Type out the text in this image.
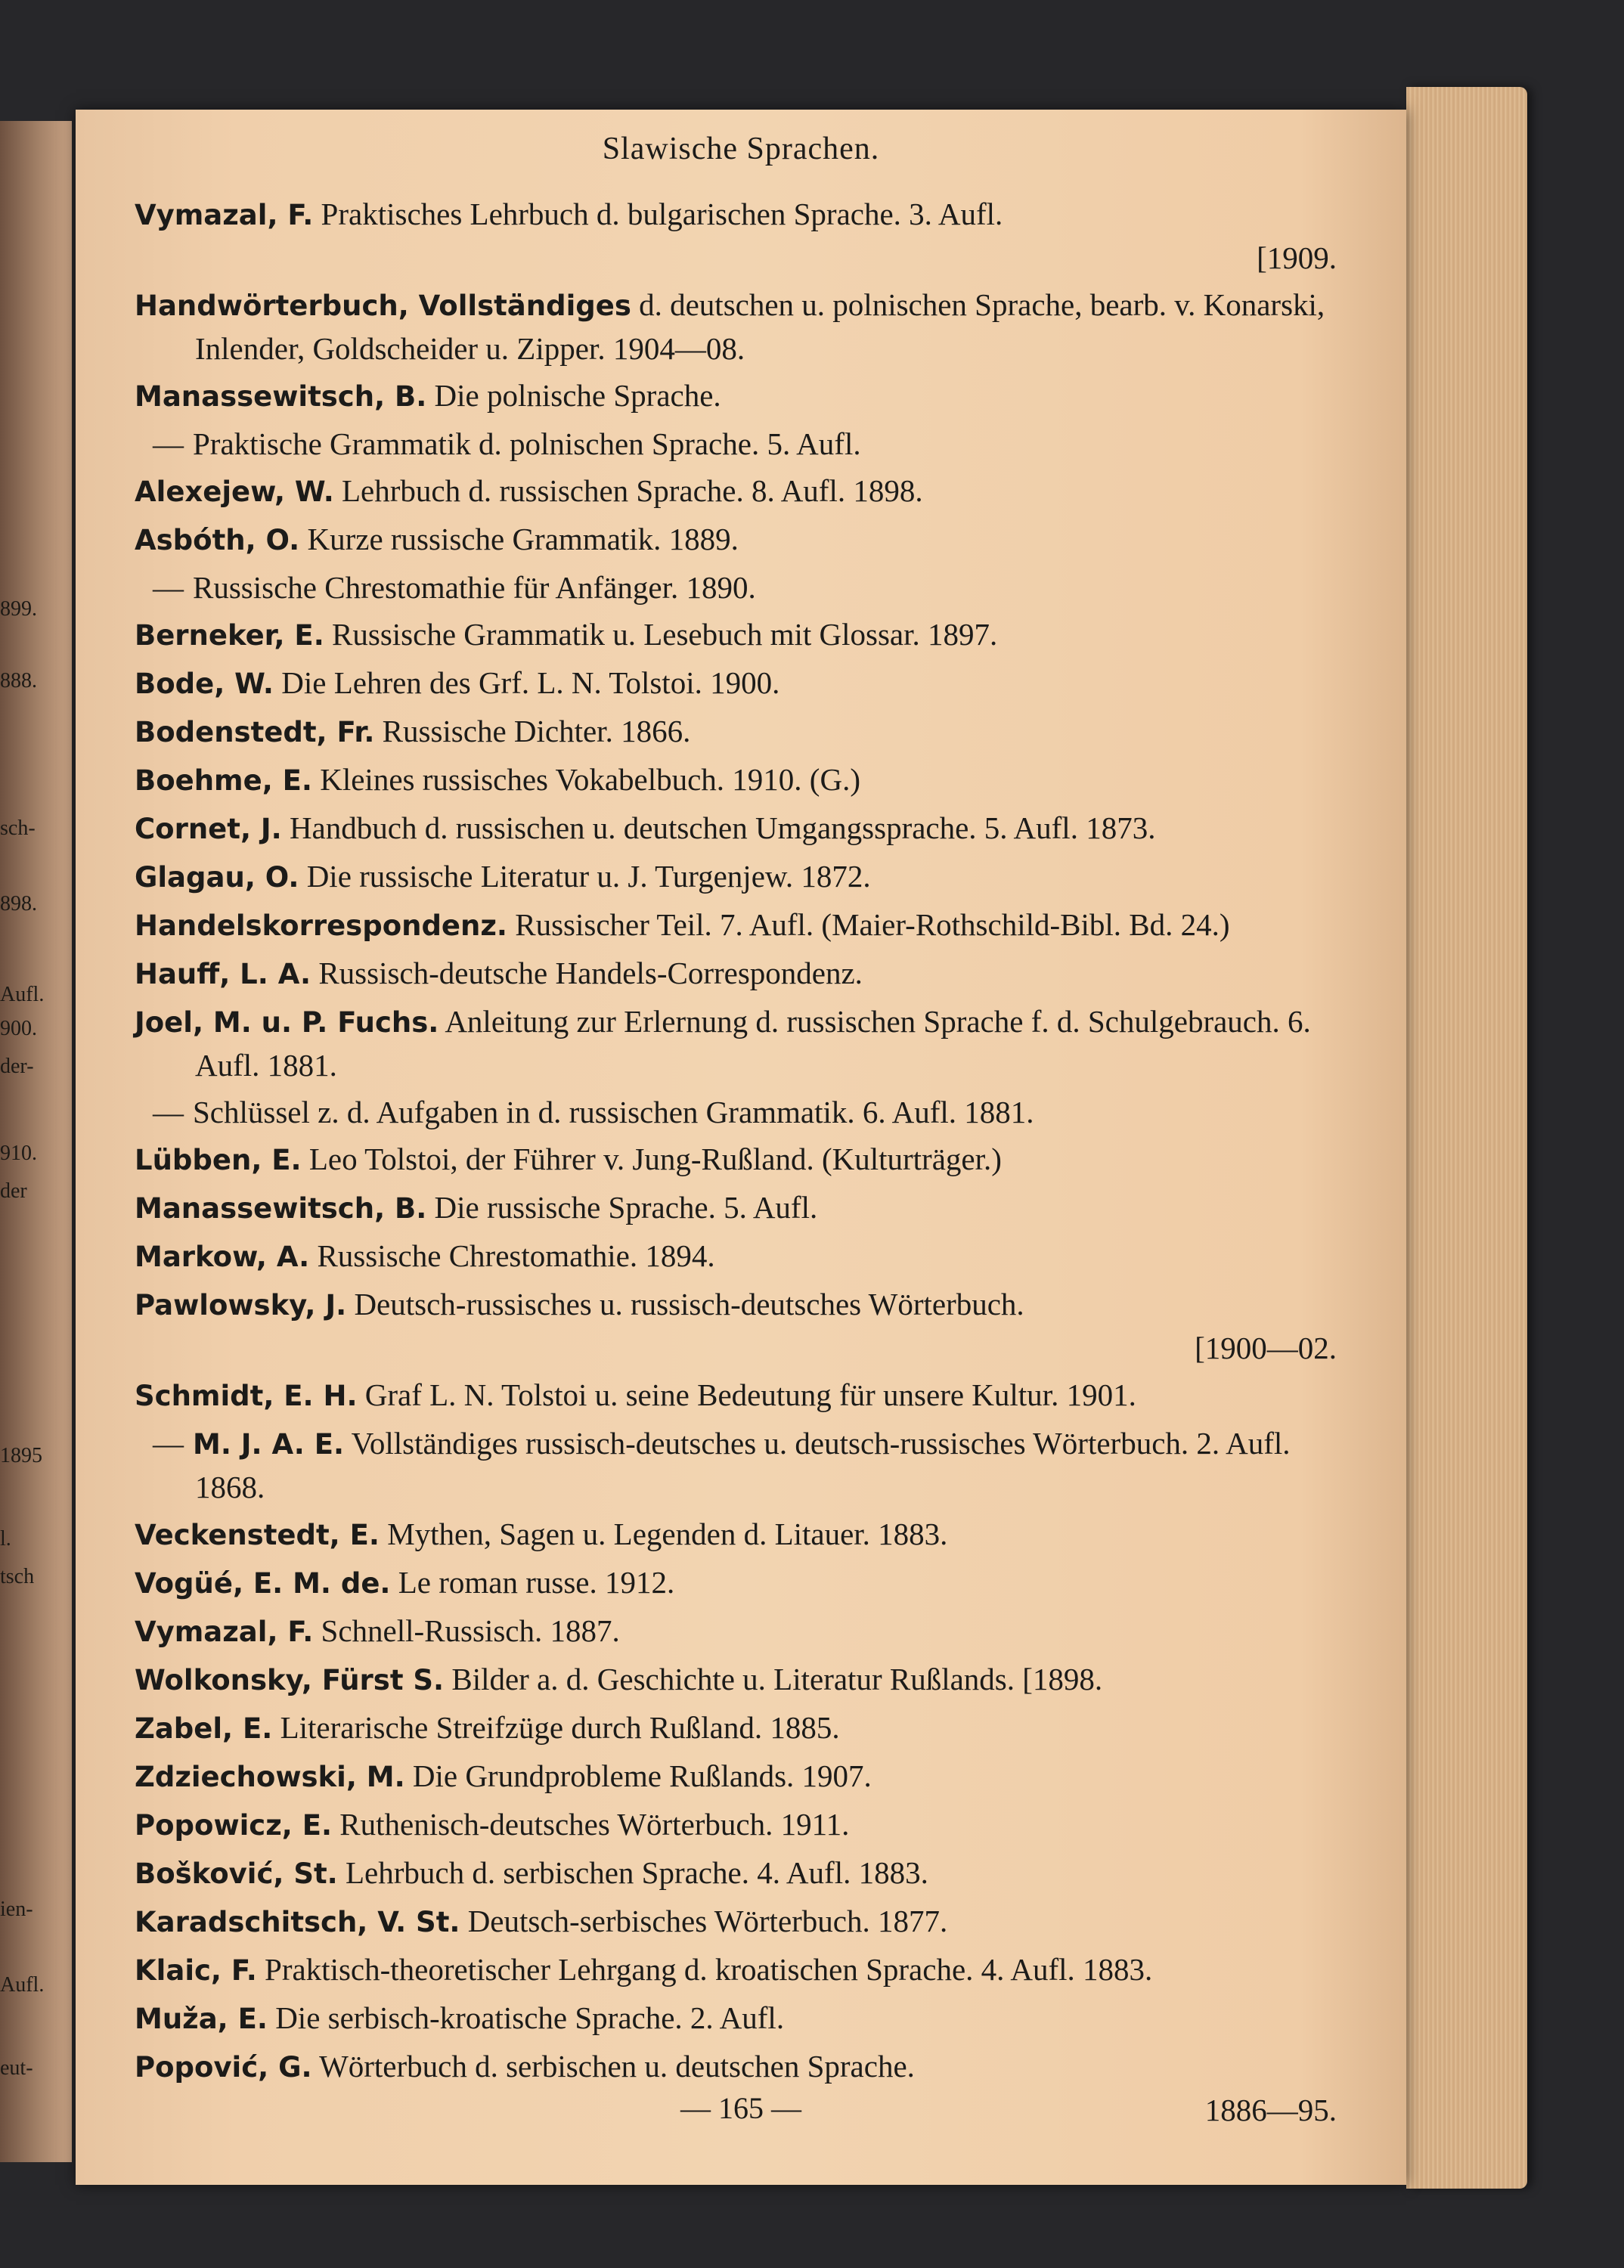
899.
888.
sch-
898.
Aufl.
900.
der-
910.
der
1895
l.
tsch
ien-
Aufl.
eut-
Slawische Sprachen.
Vymazal, F. Praktisches Lehrbuch d. bulgarischen Sprache. 3. Aufl.
[1909.
Handwörterbuch, Vollständiges d. deutschen u. polnischen Sprache, bearb. v. Konarski, Inlender, Goldscheider u. Zipper. 1904—08.
Manassewitsch, B. Die polnische Sprache.
— Praktische Grammatik d. polnischen Sprache. 5. Aufl.
Alexejew, W. Lehrbuch d. russischen Sprache. 8. Aufl. 1898.
Asbóth, O. Kurze russische Grammatik. 1889.
— Russische Chrestomathie für Anfänger. 1890.
Berneker, E. Russische Grammatik u. Lesebuch mit Glossar. 1897.
Bode, W. Die Lehren des Grf. L. N. Tolstoi. 1900.
Bodenstedt, Fr. Russische Dichter. 1866.
Boehme, E. Kleines russisches Vokabelbuch. 1910. (G.)
Cornet, J. Handbuch d. russischen u. deutschen Umgangssprache. 5. Aufl. 1873.
Glagau, O. Die russische Literatur u. J. Turgenjew. 1872.
Handelskorrespondenz. Russischer Teil. 7. Aufl. (Maier-Rothschild-Bibl. Bd. 24.)
Hauff, L. A. Russisch-deutsche Handels-Correspondenz.
Joel, M. u. P. Fuchs. Anleitung zur Erlernung d. russischen Sprache f. d. Schulgebrauch. 6. Aufl. 1881.
— Schlüssel z. d. Aufgaben in d. russischen Grammatik. 6. Aufl. 1881.
Lübben, E. Leo Tolstoi, der Führer v. Jung-Rußland. (Kulturträger.)
Manassewitsch, B. Die russische Sprache. 5. Aufl.
Markow, A. Russische Chrestomathie. 1894.
Pawlowsky, J. Deutsch-russisches u. russisch-deutsches Wörterbuch.
[1900—02.
Schmidt, E. H. Graf L. N. Tolstoi u. seine Bedeutung für unsere Kultur. 1901.
— M. J. A. E. Vollständiges russisch-deutsches u. deutsch-russisches Wörterbuch. 2. Aufl. 1868.
Veckenstedt, E. Mythen, Sagen u. Legenden d. Litauer. 1883.
Vogüé, E. M. de. Le roman russe. 1912.
Vymazal, F. Schnell-Russisch. 1887.
Wolkonsky, Fürst S. Bilder a. d. Geschichte u. Literatur Rußlands. [1898.
Zabel, E. Literarische Streifzüge durch Rußland. 1885.
Zdziechowski, M. Die Grundprobleme Rußlands. 1907.
Popowicz, E. Ruthenisch-deutsches Wörterbuch. 1911.
Bošković, St. Lehrbuch d. serbischen Sprache. 4. Aufl. 1883.
Karadschitsch, V. St. Deutsch-serbisches Wörterbuch. 1877.
Klaic, F. Praktisch-theoretischer Lehrgang d. kroatischen Sprache. 4. Aufl. 1883.
Muža, E. Die serbisch-kroatische Sprache. 2. Aufl.
Popović, G. Wörterbuch d. serbischen u. deutschen Sprache.
1886—95.
— 165 —
